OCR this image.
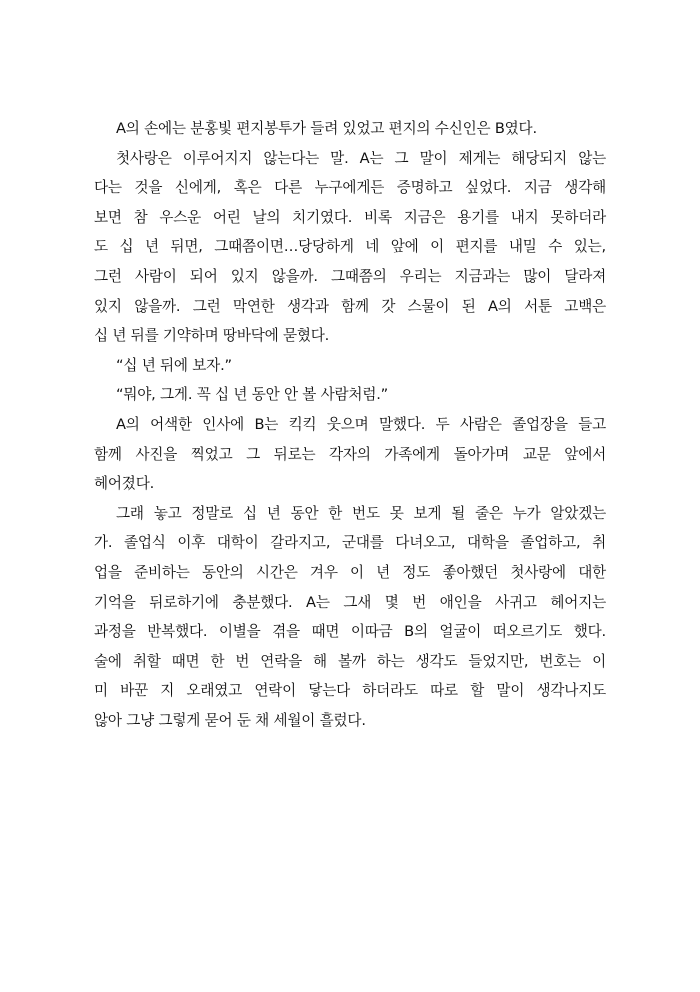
A의 손에는 분홍빛 편지봉투가 들려 있었고 편지의 수신인은 B였다.
첫사랑은 이루어지지 않는다는 말. A는 그 말이 제게는 해당되지 않는
다는 것을 신에게, 혹은 다른 누구에게든 증명하고 싶었다. 지금 생각해
보면 참 우스운 어린 날의 치기였다. 비록 지금은 용기를 내지 못하더라
도 십 년 뒤면, 그때쯤이면…당당하게 네 앞에 이 편지를 내밀 수 있는,
그런 사람이 되어 있지 않을까. 그때쯤의 우리는 지금과는 많이 달라져
있지 않을까. 그런 막연한 생각과 함께 갓 스물이 된 A의 서툰 고백은
십 년 뒤를 기약하며 땅바닥에 묻혔다.
“십 년 뒤에 보자.”
“뭐야, 그게. 꼭 십 년 동안 안 볼 사람처럼.”
A의 어색한 인사에 B는 킥킥 웃으며 말했다. 두 사람은 졸업장을 들고
함께 사진을 찍었고 그 뒤로는 각자의 가족에게 돌아가며 교문 앞에서
헤어졌다.
그래 놓고 정말로 십 년 동안 한 번도 못 보게 될 줄은 누가 알았겠는
가. 졸업식 이후 대학이 갈라지고, 군대를 다녀오고, 대학을 졸업하고, 취
업을 준비하는 동안의 시간은 겨우 이 년 정도 좋아했던 첫사랑에 대한
기억을 뒤로하기에 충분했다. A는 그새 몇 번 애인을 사귀고 헤어지는
과정을 반복했다. 이별을 겪을 때면 이따금 B의 얼굴이 떠오르기도 했다.
술에 취할 때면 한 번 연락을 해 볼까 하는 생각도 들었지만, 번호는 이
미 바꾼 지 오래였고 연락이 닿는다 하더라도 따로 할 말이 생각나지도
않아 그냥 그렇게 묻어 둔 채 세월이 흘렀다.
